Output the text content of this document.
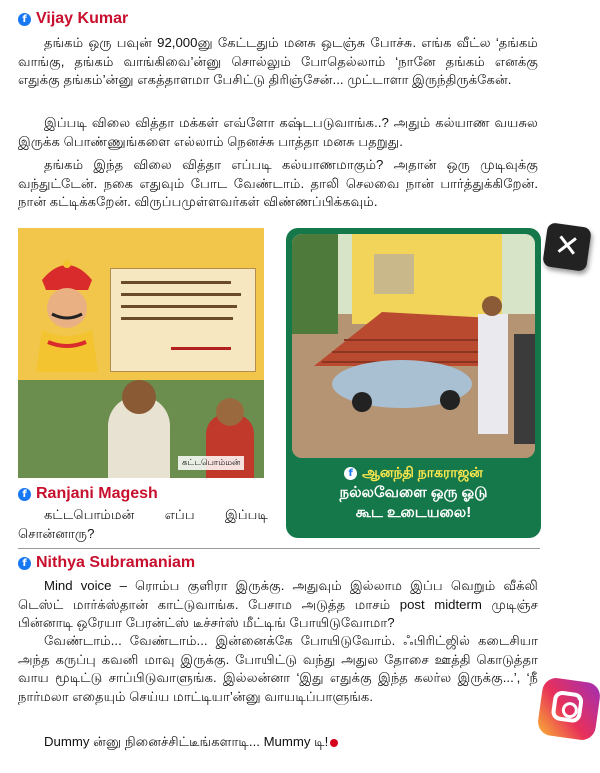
f Vijay Kumar
தங்கம் ஒரு பவுன் 92,000னு கேட்டதும் மனசு ஒடஞ்சு போச்சு. எங்க வீட்ல ‘தங்கம் வாங்கு, தங்கம் வாங்கிவை’ன்னு சொல்லும் போதெல்லாம் ‘நானே தங்கம் எனக்கு எதுக்கு தங்கம்’ன்னு எகத்தாளமா பேசிட்டு திரிஞ்சேன்... முட்டாளா இருந்திருக்கேன்.
இப்படி விலை வித்தா மக்கள் எவ்ளோ கஷ்டபடுவாங்க..? அதும் கல்யாண வயசுல இருக்க பொண்ணுங்களை எல்லாம் நெனச்சு பாத்தா மனசு பதறுது.
தங்கம் இந்த விலை வித்தா எப்படி கல்யாணமாகும்? அதான் ஒரு முடிவுக்கு வந்துட்டேன். நகை எதுவும் போட வேண்டாம். தாலி செலவை நான் பார்த்துக்கிறேன். நான் கட்டிக்கறேன். விருப்பமுள்ளவர்கள் விண்ணப்பிக்கவும்.
✕
கட்டபொம்மன்
f Ranjani Magesh
கட்டபொம்மன் எப்ப இப்படி சொன்னாரு?
f ஆனந்தி நாகராஜன்
நல்லவேளை ஒரு ஓடு
கூட உடையலை!
f Nithya Subramaniam
Mind voice – ரொம்ப குளிரா இருக்கு. அதுவும் இல்லாம இப்ப வெறும் வீக்லி டெஸ்ட் மார்க்ஸ்தான் காட்டுவாங்க. பேசாம அடுத்த மாசம் post midterm முடிஞ்ச பின்னாடி ஒரேயா பேரன்ட்ஸ் டீச்சர்ஸ் மீட்டிங் போயிடுவோமா?
வேண்டாம்... வேண்டாம்... இன்னைக்கே போயிடுவோம். ஃபிரிட்ஜில் கடைசியா அந்த கருப்பு கவனி மாவு இருக்கு. போயிட்டு வந்து அதுல தோசை ஊத்தி கொடுத்தா வாய மூடிட்டு சாப்பிடுவாளுங்க. இல்லன்னா ‘இது எதுக்கு இந்த கலர்ல இருக்கு...’, ‘நீ நார்மலா எதையும் செய்ய மாட்டியா’ன்னு வாயடிப்பாளுங்க.
Dummy ன்னு நினைச்சிட்டீங்களாடி... Mummy டி!
